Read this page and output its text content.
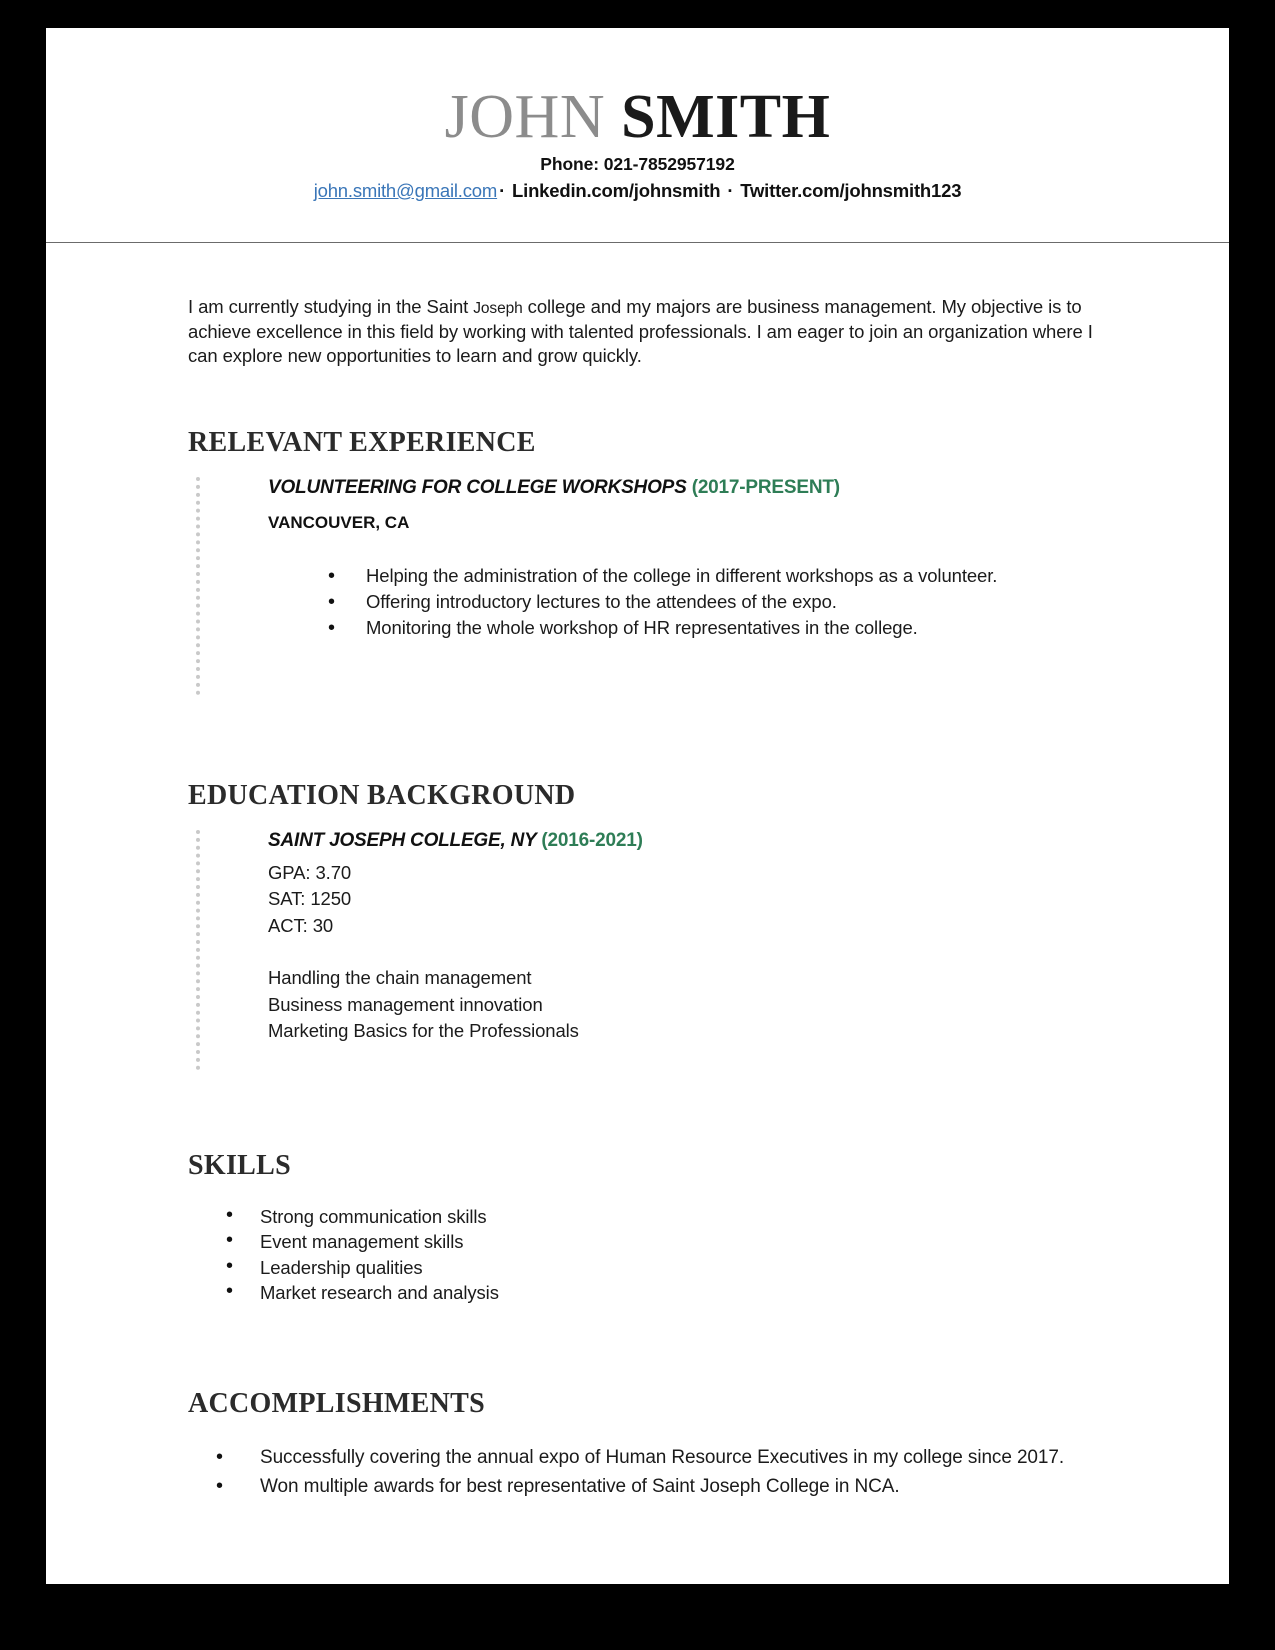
JOHN SMITH
Phone: 021-7852957192
john.smith@gmail.com · Linkedin.com/johnsmith · Twitter.com/johnsmith123

I am currently studying in the Saint Joseph college and my majors are business management. My objective is to achieve excellence in this field by working with talented professionals. I am eager to join an organization where I can explore new opportunities to learn and grow quickly.

RELEVANT EXPERIENCE
VOLUNTEERING FOR COLLEGE WORKSHOPS (2017-PRESENT)
VANCOUVER, CA
• Helping the administration of the college in different workshops as a volunteer.
• Offering introductory lectures to the attendees of the expo.
• Monitoring the whole workshop of HR representatives in the college.
EDUCATION BACKGROUND
SAINT JOSEPH COLLEGE, NY (2016-2021)
GPA: 3.70
SAT: 1250
ACT: 30
Handling the chain management
Business management innovation
Marketing Basics for the Professionals
SKILLS
• Strong communication skills
• Event management skills
• Leadership qualities
• Market research and analysis
ACCOMPLISHMENTS
• Successfully covering the annual expo of Human Resource Executives in my college since 2017.
• Won multiple awards for best representative of Saint Joseph College in NCA.
